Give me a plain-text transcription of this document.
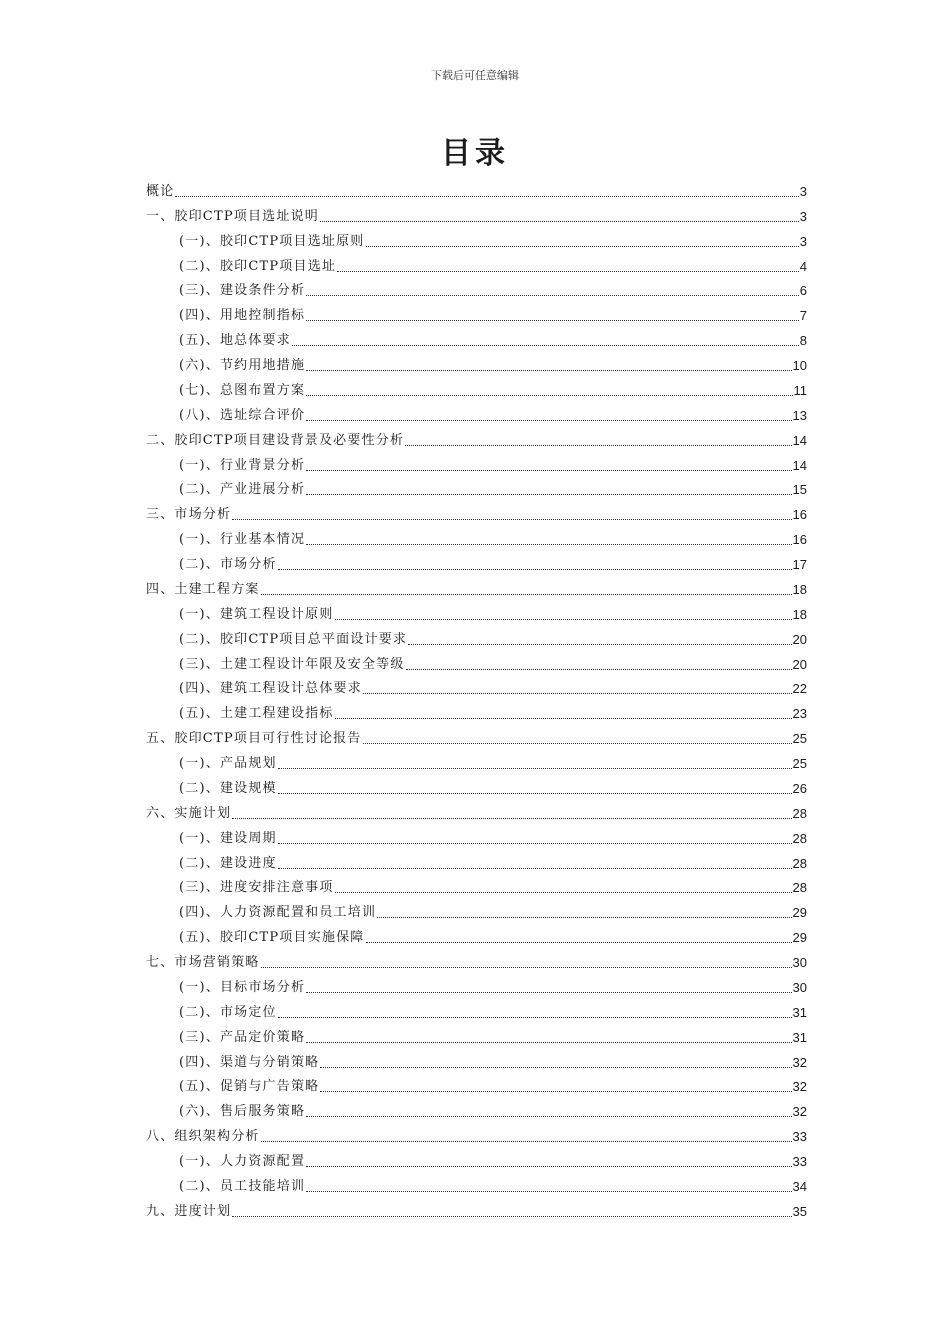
下载后可任意编辑
目录
概论	3
一、胶印CTP项目选址说明	3
(一)、胶印CTP项目选址原则	3
(二)、胶印CTP项目选址	4
(三)、建设条件分析	6
(四)、用地控制指标	7
(五)、地总体要求	8
(六)、节约用地措施	10
(七)、总图布置方案	11
(八)、选址综合评价	13
二、胶印CTP项目建设背景及必要性分析	14
(一)、行业背景分析	14
(二)、产业进展分析	15
三、市场分析	16
(一)、行业基本情况	16
(二)、市场分析	17
四、土建工程方案	18
(一)、建筑工程设计原则	18
(二)、胶印CTP项目总平面设计要求	20
(三)、土建工程设计年限及安全等级	20
(四)、建筑工程设计总体要求	22
(五)、土建工程建设指标	23
五、胶印CTP项目可行性讨论报告	25
(一)、产品规划	25
(二)、建设规模	26
六、实施计划	28
(一)、建设周期	28
(二)、建设进度	28
(三)、进度安排注意事项	28
(四)、人力资源配置和员工培训	29
(五)、胶印CTP项目实施保障	29
七、市场营销策略	30
(一)、目标市场分析	30
(二)、市场定位	31
(三)、产品定价策略	31
(四)、渠道与分销策略	32
(五)、促销与广告策略	32
(六)、售后服务策略	32
八、组织架构分析	33
(一)、人力资源配置	33
(二)、员工技能培训	34
九、进度计划	35
